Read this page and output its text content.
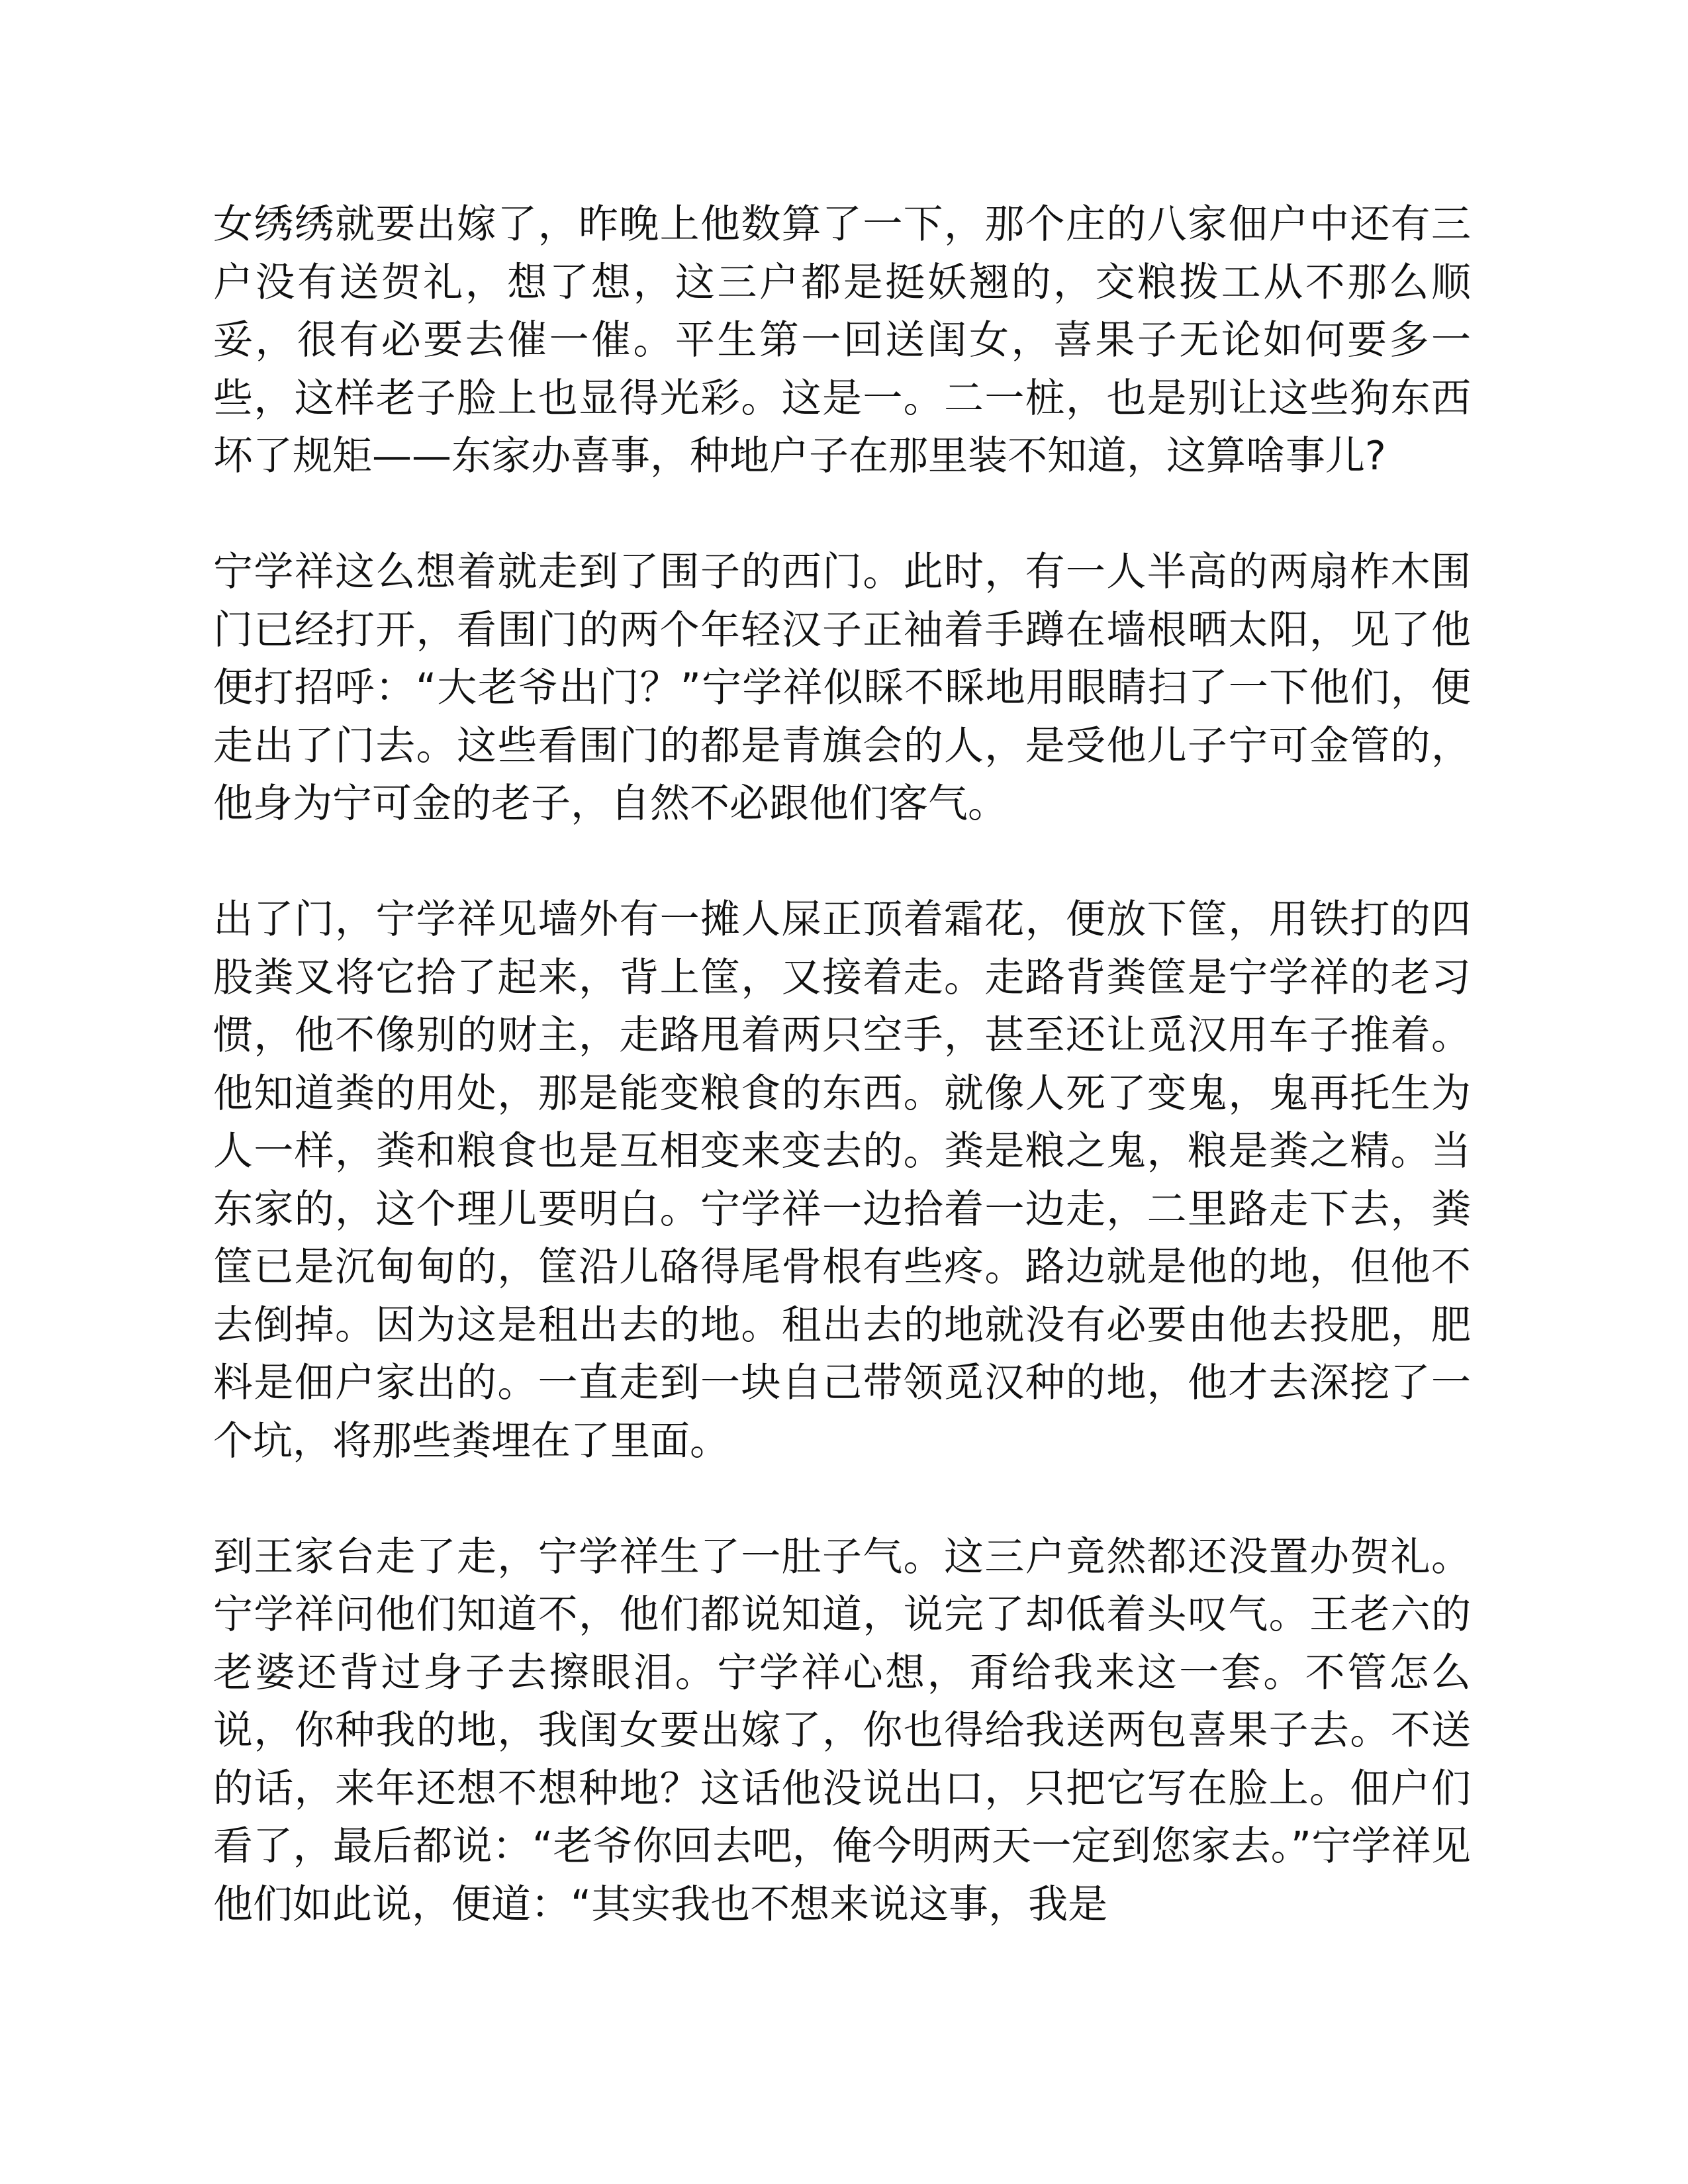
女绣绣就要出嫁了，昨晚上他数算了一下，那个庄的八家佃户中还有三户没有送贺礼，想了想，这三户都是挺妖翘的，交粮拨工从不那么顺妥，很有必要去催一催。平生第一回送闺女，喜果子无论如何要多一些，这样老子脸上也显得光彩。这是一。二一桩，也是别让这些狗东西坏了规矩——东家办喜事，种地户子在那里装不知道，这算啥事儿?

宁学祥这么想着就走到了围子的西门。此时，有一人半高的两扇柞木围门已经打开，看围门的两个年轻汉子正袖着手蹲在墙根晒太阳，见了他便打招呼：“大老爷出门？”宁学祥似睬不睬地用眼睛扫了一下他们，便走出了门去。这些看围门的都是青旗会的人，是受他儿子宁可金管的，他身为宁可金的老子，自然不必跟他们客气。

出了门，宁学祥见墙外有一摊人屎正顶着霜花，便放下筐，用铁打的四股粪叉将它拾了起来，背上筐，又接着走。走路背粪筐是宁学祥的老习惯，他不像别的财主，走路甩着两只空手，甚至还让觅汉用车子推着。他知道粪的用处，那是能变粮食的东西。就像人死了变鬼，鬼再托生为人一样，粪和粮食也是互相变来变去的。粪是粮之鬼，粮是粪之精。当东家的，这个理儿要明白。宁学祥一边拾着一边走，二里路走下去，粪筐已是沉甸甸的，筐沿儿硌得尾骨根有些疼。路边就是他的地，但他不去倒掉。因为这是租出去的地。租出去的地就没有必要由他去投肥，肥料是佃户家出的。一直走到一块自己带领觅汉种的地，他才去深挖了一个坑，将那些粪埋在了里面。

到王家台走了走，宁学祥生了一肚子气。这三户竟然都还没置办贺礼。宁学祥问他们知道不，他们都说知道，说完了却低着头叹气。王老六的老婆还背过身子去擦眼泪。宁学祥心想，甭给我来这一套。不管怎么说，你种我的地，我闺女要出嫁了，你也得给我送两包喜果子去。不送的话，来年还想不想种地？这话他没说出口，只把它写在脸上。佃户们看了，最后都说：“老爷你回去吧，俺今明两天一定到您家去。”宁学祥见他们如此说，便道：“其实我也不想来说这事，我是
